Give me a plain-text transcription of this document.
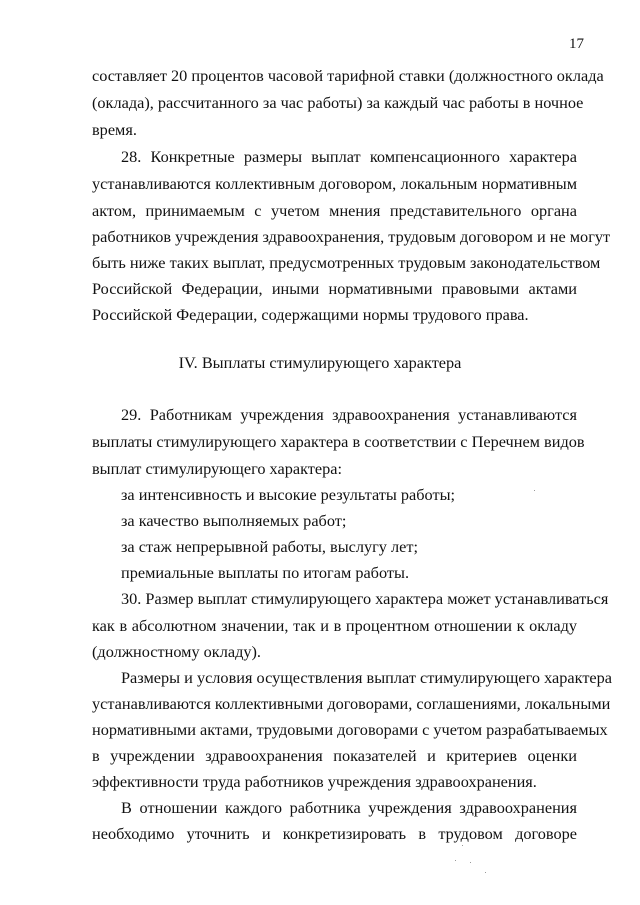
17
составляет 20 процентов часовой тарифной ставки (должностного оклада
(оклада), рассчитанного за час работы) за каждый час работы в ночное
время.
28. Конкретные размеры выплат компенсационного характера
устанавливаются коллективным договором, локальным нормативным
актом, принимаемым с учетом мнения представительного органа
работников учреждения здравоохранения, трудовым договором и не могут
быть ниже таких выплат, предусмотренных трудовым законодательством
Российской Федерации, иными нормативными правовыми актами
Российской Федерации, содержащими нормы трудового права.
IV. Выплаты стимулирующего характера
29. Работникам учреждения здравоохранения устанавливаются
выплаты стимулирующего характера в соответствии с Перечнем видов
выплат стимулирующего характера:
за интенсивность и высокие результаты работы;
за качество выполняемых работ;
за стаж непрерывной работы, выслугу лет;
премиальные выплаты по итогам работы.
30. Размер выплат стимулирующего характера может устанавливаться
как в абсолютном значении, так и в процентном отношении к окладу
(должностному окладу).
Размеры и условия осуществления выплат стимулирующего характера
устанавливаются коллективными договорами, соглашениями, локальными
нормативными актами, трудовыми договорами с учетом разрабатываемых
в учреждении здравоохранения показателей и критериев оценки
эффективности труда работников учреждения здравоохранения.
В отношении каждого работника учреждения здравоохранения
необходимо уточнить и конкретизировать в трудовом договоре
